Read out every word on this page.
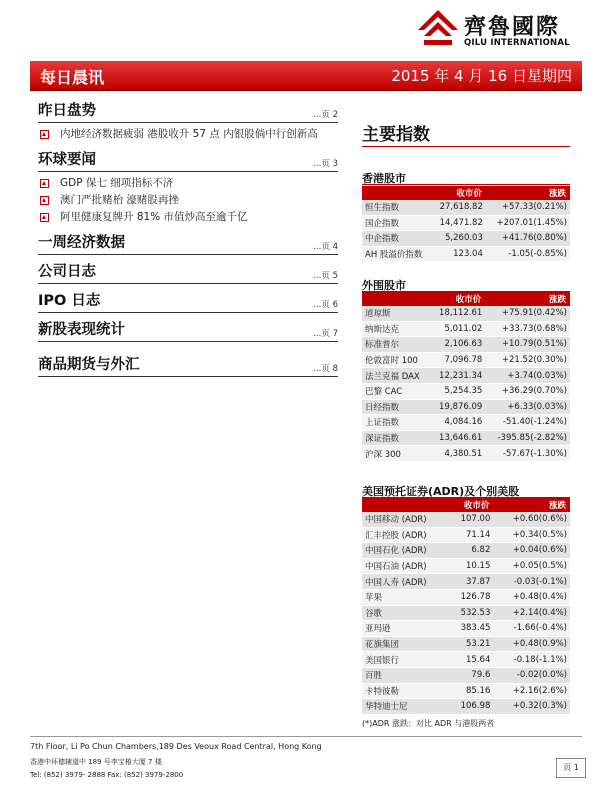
齊魯國際
QILU INTERNATIONAL
每日晨讯	2015 年 4 月 16 日星期四
昨日盘势	…页 2
内地经济数据疲弱 港股收升 57 点 内银股倘中行创新高
环球要闻	…页 3
GDP 保七 细项指标不济
澳门严批赌枱 濠赌股再挫
阿里健康复牌升 81% 市值炒高至逾千亿
一周经济数据	…页 4
公司日志	…页 5
IPO 日志	…页 6
新股表现统计	…页 7
商品期货与外汇	…页 8
主要指数
香港股市
	收市价	涨跌
恒生指数	27,618.82	+57.33(0.21%)
国企指数	14,471.82	+207.01(1.45%)
中企指数	5,260.03	+41.76(0.80%)
AH 股溢价指数	123.04	-1.05(-0.85%)
外围股市
	收市价	涨跌
道琼斯	18,112.61	+75.91(0.42%)
纳斯达克	5,011.02	+33.73(0.68%)
标准普尔	2,106.63	+10.79(0.51%)
伦敦富时 100	7,096.78	+21.52(0.30%)
法兰克福 DAX	12,231.34	+3.74(0.03%)
巴黎 CAC	5,254.35	+36.29(0.70%)
日经指数	19,876.09	+6.33(0.03%)
上证指数	4,084.16	-51.40(-1.24%)
深证指数	13,646.61	-395.85(-2.82%)
沪深 300	4,380.51	-57.67(-1.30%)
美国预托证券(ADR)及个别美股
	收市价	涨跌
中国移动 (ADR)	107.00	+0.60(0.6%)
汇丰控股 (ADR)	71.14	+0.34(0.5%)
中国石化 (ADR)	6.82	+0.04(0.6%)
中国石油 (ADR)	10.15	+0.05(0.5%)
中国人寿 (ADR)	37.87	-0.03(-0.1%)
苹果	126.78	+0.48(0.4%)
谷歌	532.53	+2.14(0.4%)
亚玛逊	383.45	-1.66(-0.4%)
花旗集团	53.21	+0.48(0.9%)
美国银行	15.64	-0.18(-1.1%)
百胜	79.6	-0.02(0.0%)
卡特彼勒	85.16	+2.16(2.6%)
华特迪士尼	106.98	+0.32(0.3%)
(*)ADR 涨跌：对比 ADR 与港股两者
7th Floor, Li Po Chun Chambers,189 Des Veoux Road Central, Hong Kong
香港中环德辅道中 189 号李宝椿大厦 7 楼
Tel: (852) 3979- 2888 Fax: (852) 3979-2800
页 1
